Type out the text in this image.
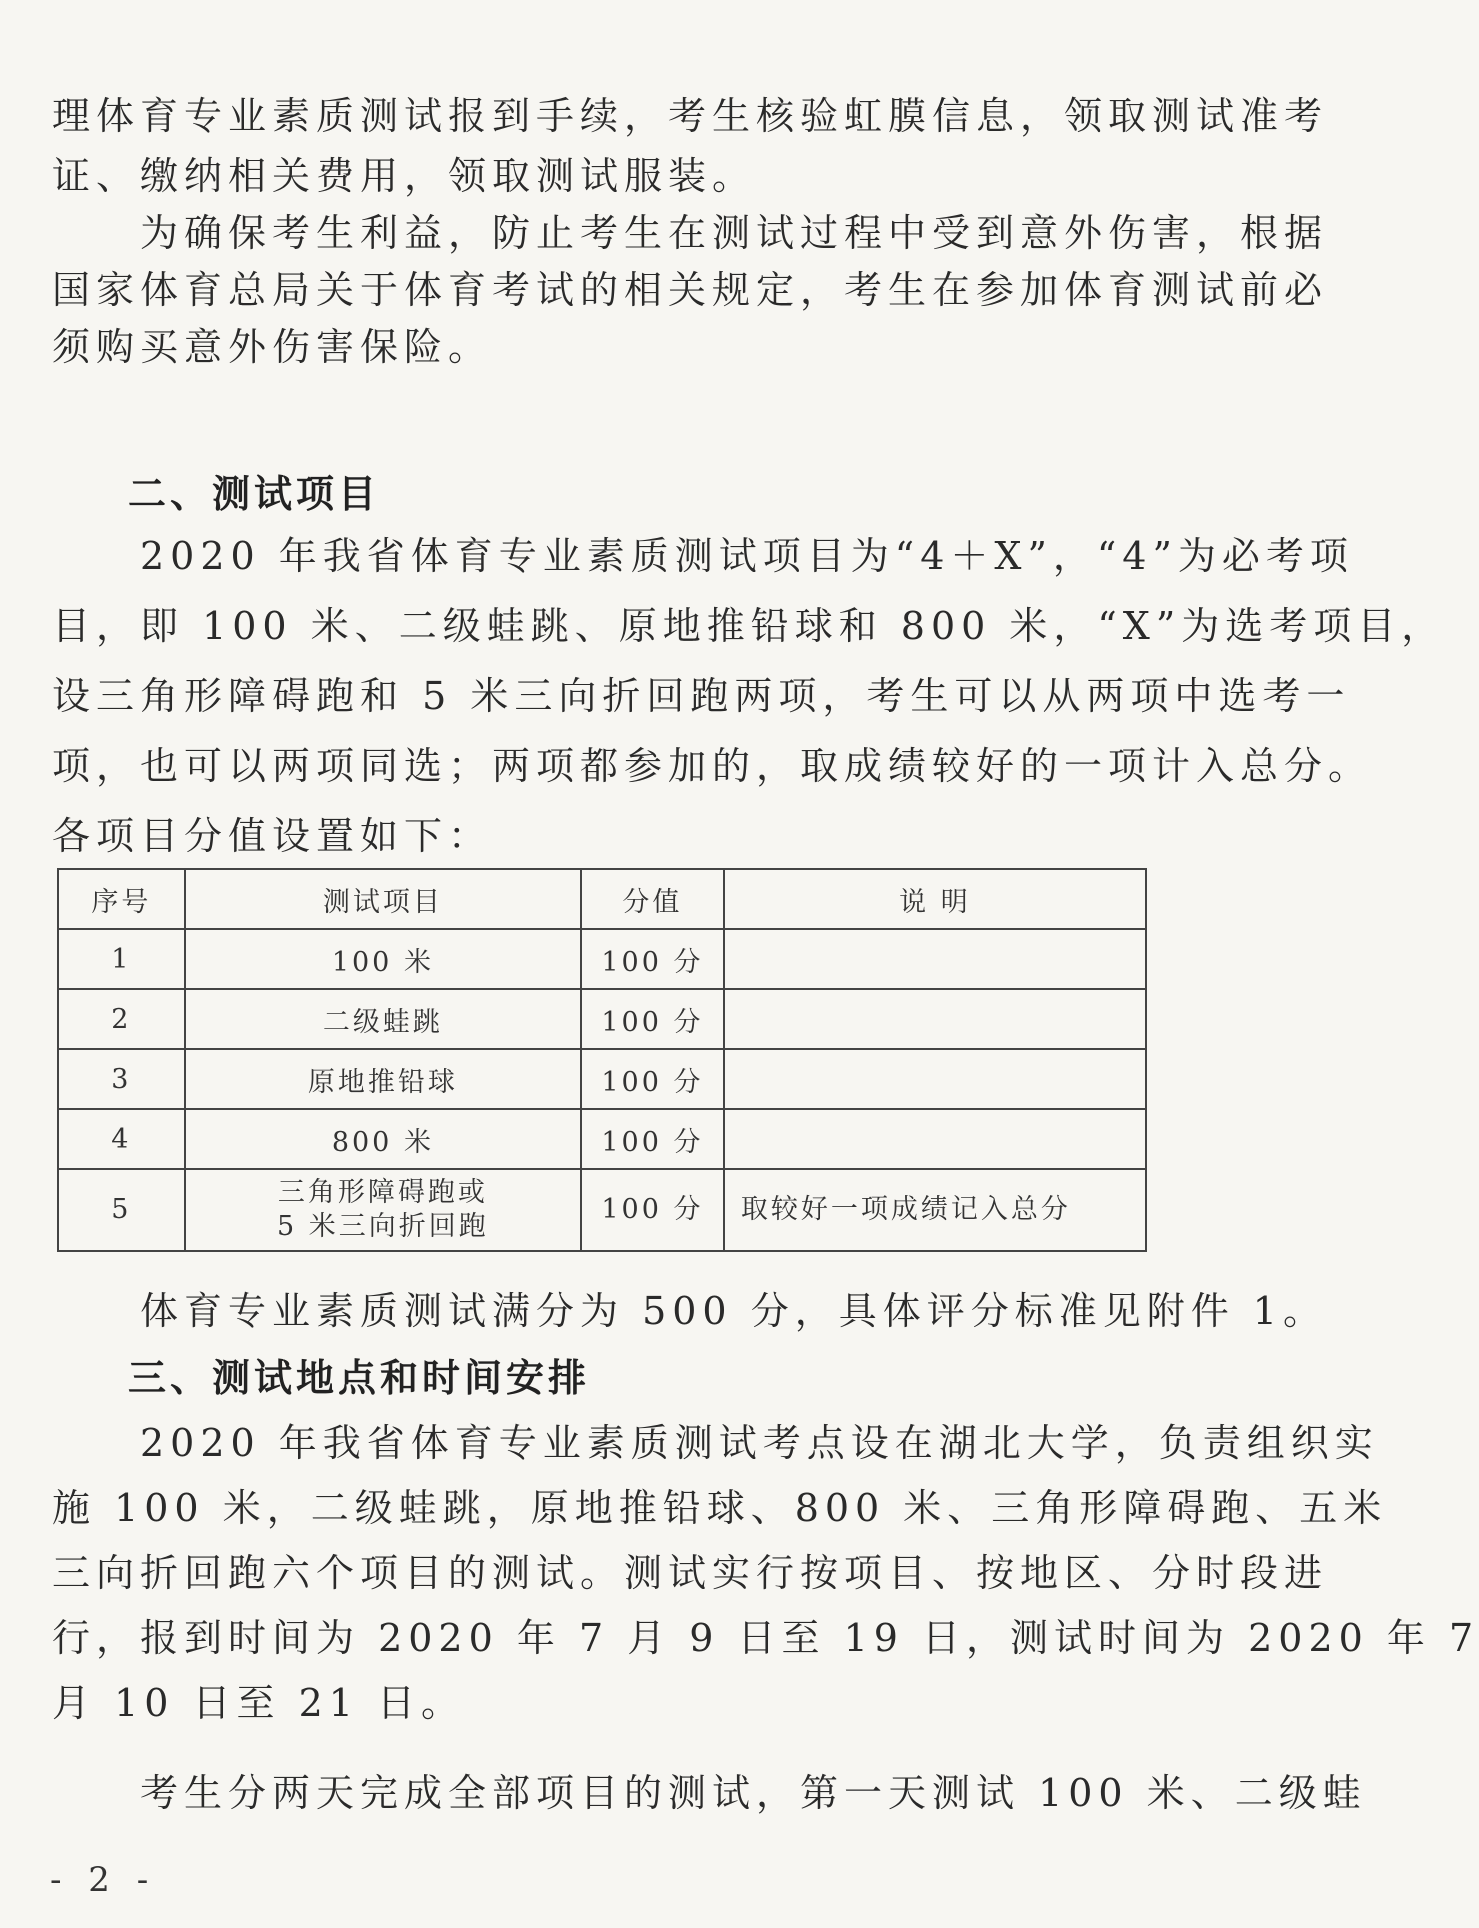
理体育专业素质测试报到手续，考生核验虹膜信息，领取测试准考
证、缴纳相关费用，领取测试服装。
　　为确保考生利益，防止考生在测试过程中受到意外伤害，根据
国家体育总局关于体育考试的相关规定，考生在参加体育测试前必
须购买意外伤害保险。
二、测试项目
　　2020 年我省体育专业素质测试项目为“4＋X”，“4”为必考项
目，即 100 米、二级蛙跳、原地推铅球和 800 米，“X”为选考项目，
设三角形障碍跑和 5 米三向折回跑两项，考生可以从两项中选考一
项，也可以两项同选；两项都参加的，取成绩较好的一项计入总分。
各项目分值设置如下：
序号	测试项目	分值	说 明
1	100 米	100 分	
2	二级蛙跳	100 分	
3	原地推铅球	100 分	
4	800 米	100 分	
5	三角形障碍跑或
5 米三向折回跑	100 分	取较好一项成绩记入总分
　　体育专业素质测试满分为 500 分，具体评分标准见附件 1。
三、测试地点和时间安排
　　2020 年我省体育专业素质测试考点设在湖北大学，负责组织实
施 100 米，二级蛙跳，原地推铅球、800 米、三角形障碍跑、五米
三向折回跑六个项目的测试。测试实行按项目、按地区、分时段进
行，报到时间为 2020 年 7 月 9 日至 19 日，测试时间为 2020 年 7
月 10 日至 21 日。
　　考生分两天完成全部项目的测试，第一天测试 100 米、二级蛙
- 2 -
